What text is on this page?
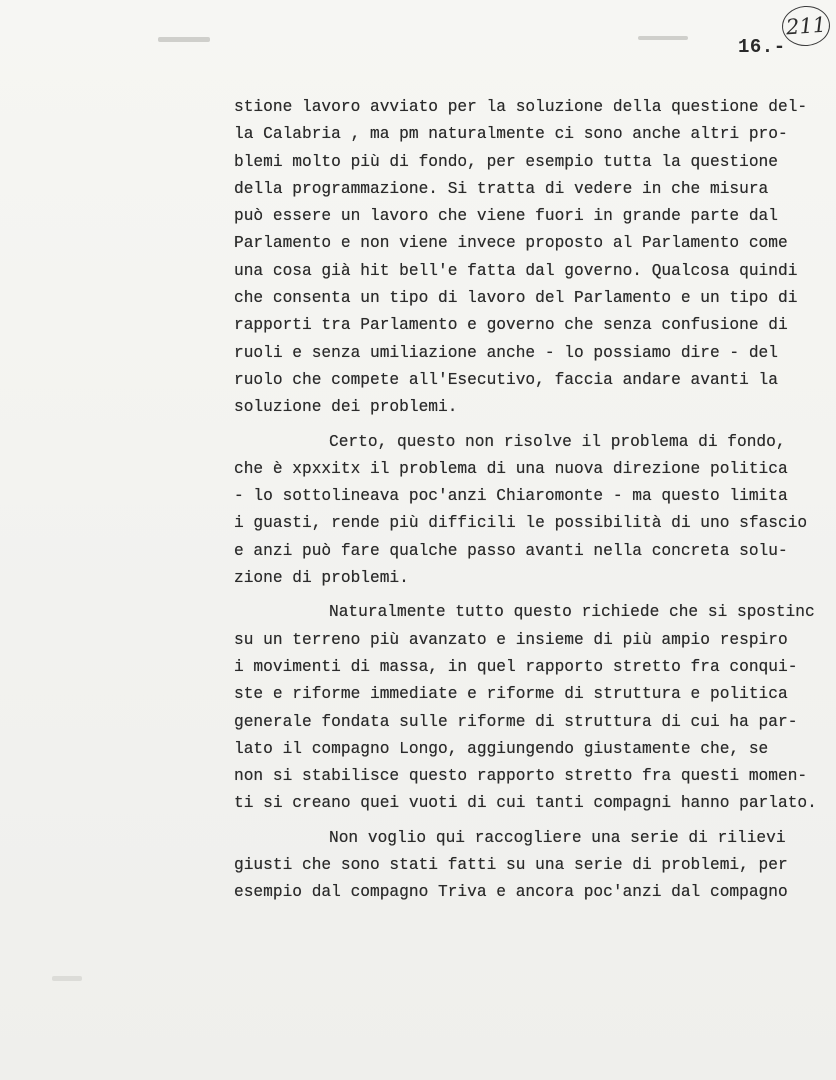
16.-
211
stione lavoro avviato per la soluzione della questione del-
la Calabria , ma pm naturalmente ci sono anche altri pro-
blemi molto più di fondo, per esempio tutta la questione
della programmazione. Si tratta di vedere in che misura
può essere un lavoro che viene fuori in grande parte dal
Parlamento e non viene invece proposto al Parlamento come
una cosa già hit bell'e fatta dal governo. Qualcosa quindi
che consenta un tipo di lavoro del Parlamento e un tipo di
rapporti tra Parlamento e governo che senza confusione di
ruoli e senza umiliazione anche - lo possiamo dire - del
ruolo che compete all'Esecutivo, faccia andare avanti la
soluzione dei problemi.
Certo, questo non risolve il problema di fondo,
che è xpxxitx il problema di una nuova direzione politica
- lo sottolineava poc'anzi Chiaromonte - ma questo limita
i guasti, rende più difficili le possibilità di uno sfascio
e anzi può fare qualche passo avanti nella concreta solu-
zione di problemi.
Naturalmente tutto questo richiede che si spostinc
su un terreno più avanzato e insieme di più ampio respiro
i movimenti di massa, in quel rapporto stretto fra conqui-
ste e riforme immediate e riforme di struttura e politica
generale fondata sulle riforme di struttura di cui ha par-
lato il compagno Longo, aggiungendo giustamente che, se
non si stabilisce questo rapporto stretto fra questi momen-
ti si creano quei vuoti di cui tanti compagni hanno parlato.
Non voglio qui raccogliere una serie di rilievi
giusti che sono stati fatti su una serie di problemi, per
esempio dal compagno Triva e ancora poc'anzi dal compagno
